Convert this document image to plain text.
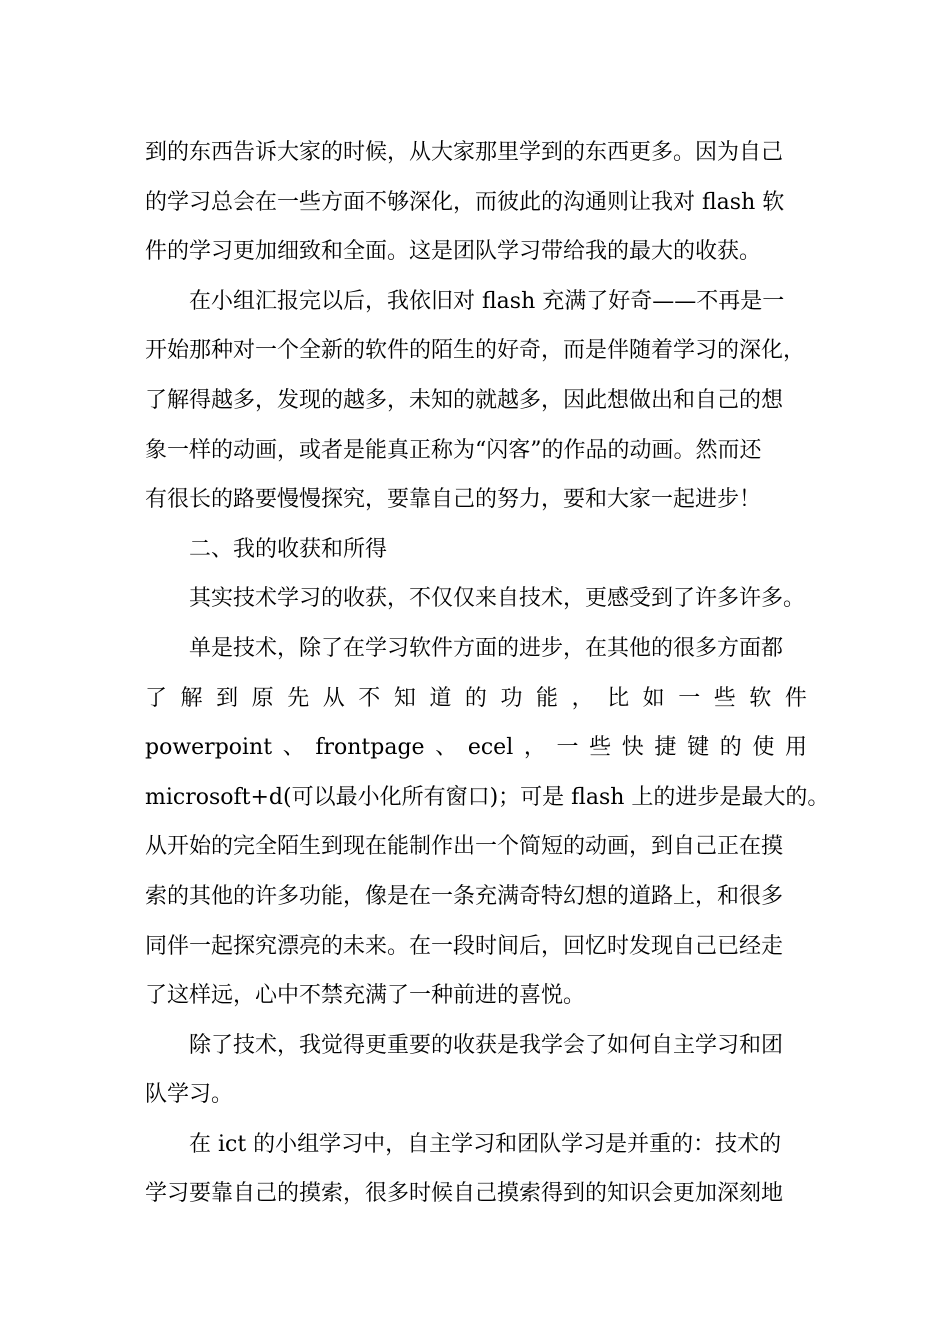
到的东西告诉大家的时候，从大家那里学到的东西更多。因为自己
的学习总会在一些方面不够深化，而彼此的沟通则让我对 flash 软
件的学习更加细致和全面。这是团队学习带给我的最大的收获。
在小组汇报完以后，我依旧对 flash 充满了好奇——不再是一
开始那种对一个全新的软件的陌生的好奇，而是伴随着学习的深化，
了解得越多，发现的越多，未知的就越多，因此想做出和自己的想
象一样的动画，或者是能真正称为“闪客”的作品的动画。然而还
有很长的路要慢慢探究，要靠自己的努力，要和大家一起进步！
二、我的收获和所得
其实技术学习的收获，不仅仅来自技术，更感受到了许多许多。
单是技术，除了在学习软件方面的进步，在其他的很多方面都
了 解 到 原 先 从 不 知 道 的 功 能 ， 比 如 一 些 软 件
powerpoint 、 frontpage 、 ecel ， 一 些 快 捷 键 的 使 用
microsoft+d(可以最小化所有窗口)；可是 flash 上的进步是最大的。
从开始的完全陌生到现在能制作出一个简短的动画，到自己正在摸
索的其他的许多功能，像是在一条充满奇特幻想的道路上，和很多
同伴一起探究漂亮的未来。在一段时间后，回忆时发现自己已经走
了这样远，心中不禁充满了一种前进的喜悦。
除了技术，我觉得更重要的收获是我学会了如何自主学习和团
队学习。
在 ict 的小组学习中，自主学习和团队学习是并重的：技术的
学习要靠自己的摸索，很多时候自己摸索得到的知识会更加深刻地
